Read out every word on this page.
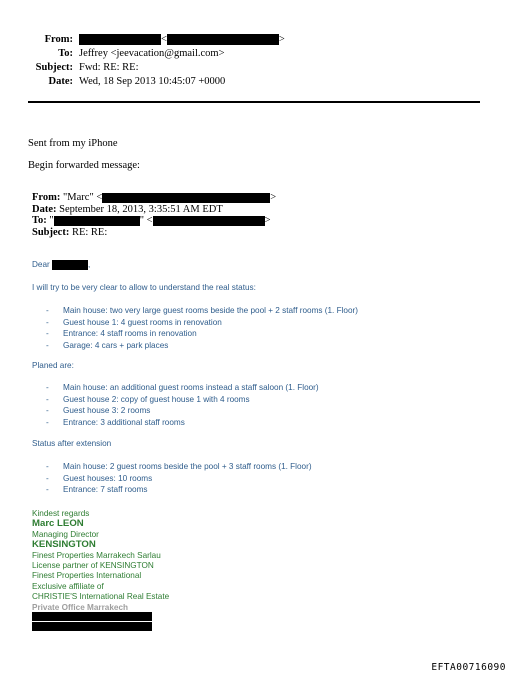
From:	<	>
To: Jeffrey <jeevacation@gmail.com>
Subject: Fwd: RE: RE:
Date: Wed, 18 Sep 2013 10:45:07 +0000
Sent from my iPhone
Begin forwarded message:
From: "Marc" <	>
Date: September 18, 2013, 3:35:51 AM EDT
To: "	" <	>
Subject: RE: RE:
Dear	,
I will try to be very clear to allow to understand the real status:
- Main house: two very large guest rooms beside the pool + 2 staff rooms (1. Floor)
- Guest house 1: 4 guest rooms in renovation
- Entrance: 4 staff rooms in renovation
- Garage: 4 cars + park places
Planed are:
- Main house: an additional guest rooms instead a staff saloon (1. Floor)
- Guest house 2: copy of guest house 1 with 4 rooms
- Guest house 3: 2 rooms
- Entrance: 3 additional staff rooms
Status after extension
- Main house: 2 guest rooms beside the pool + 3 staff rooms (1. Floor)
- Guest houses: 10 rooms
- Entrance: 7 staff rooms
Kindest regards
Marc LEON
Managing Director
KENSINGTON
Finest Properties Marrakech Sarlau
License partner of KENSINGTON
Finest Properties International
Exclusive affiliate of
CHRISTIE'S International Real Estate
Private Office Marrakech
EFTA00716090
